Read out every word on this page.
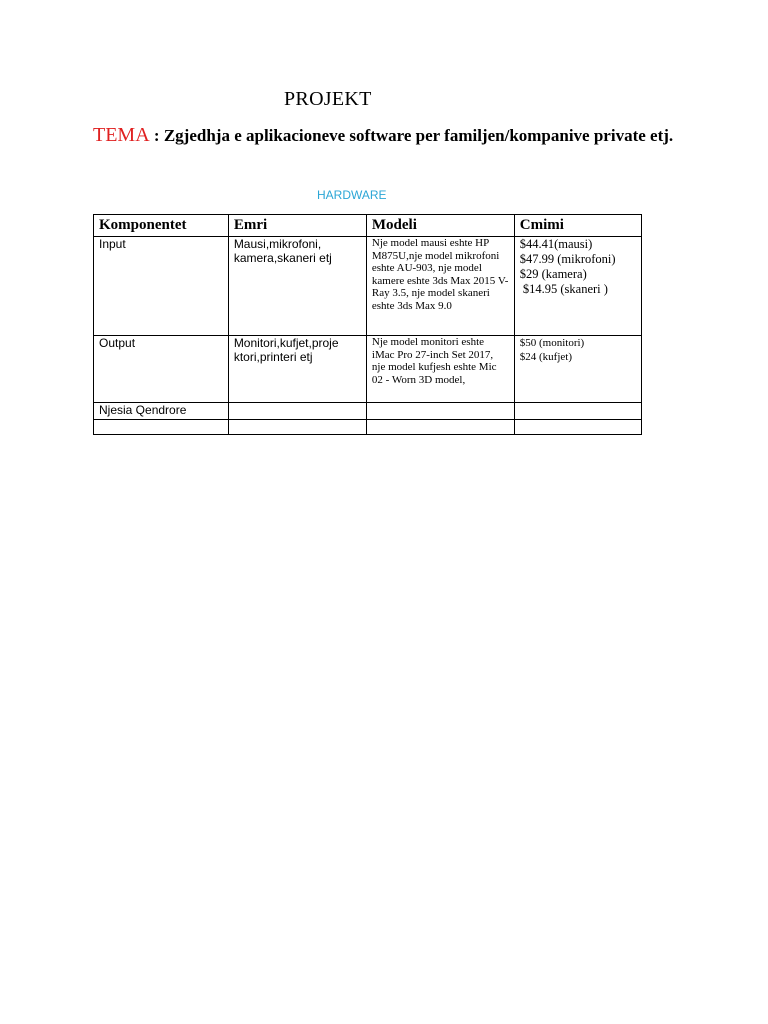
PROJEKT
TEMA : Zgjedhja e aplikacioneve software per familjen/kompanive private etj.
HARDWARE
Komponentet	Emri	Modeli	Cmimi
Input	Mausi,mikrofoni, kamera,skaneri etj	Nje model mausi eshte HP M875U,nje model mikrofoni eshte AU-903, nje model kamere eshte 3ds Max 2015 V-Ray 3.5, nje model skaneri eshte 3ds Max 9.0	$44.41(mausi)
$47.99 (mikrofoni)
$29 (kamera)
$14.95 (skaneri )

Output	Monitori,kufjet,proje ktori,printeri etj	Nje model monitori eshte iMac Pro 27-inch Set 2017, nje model kufjesh eshte Mic 02 - Worn 3D model,	$50 (monitori)
$24 (kufjet)

Njesia Qendrore			
